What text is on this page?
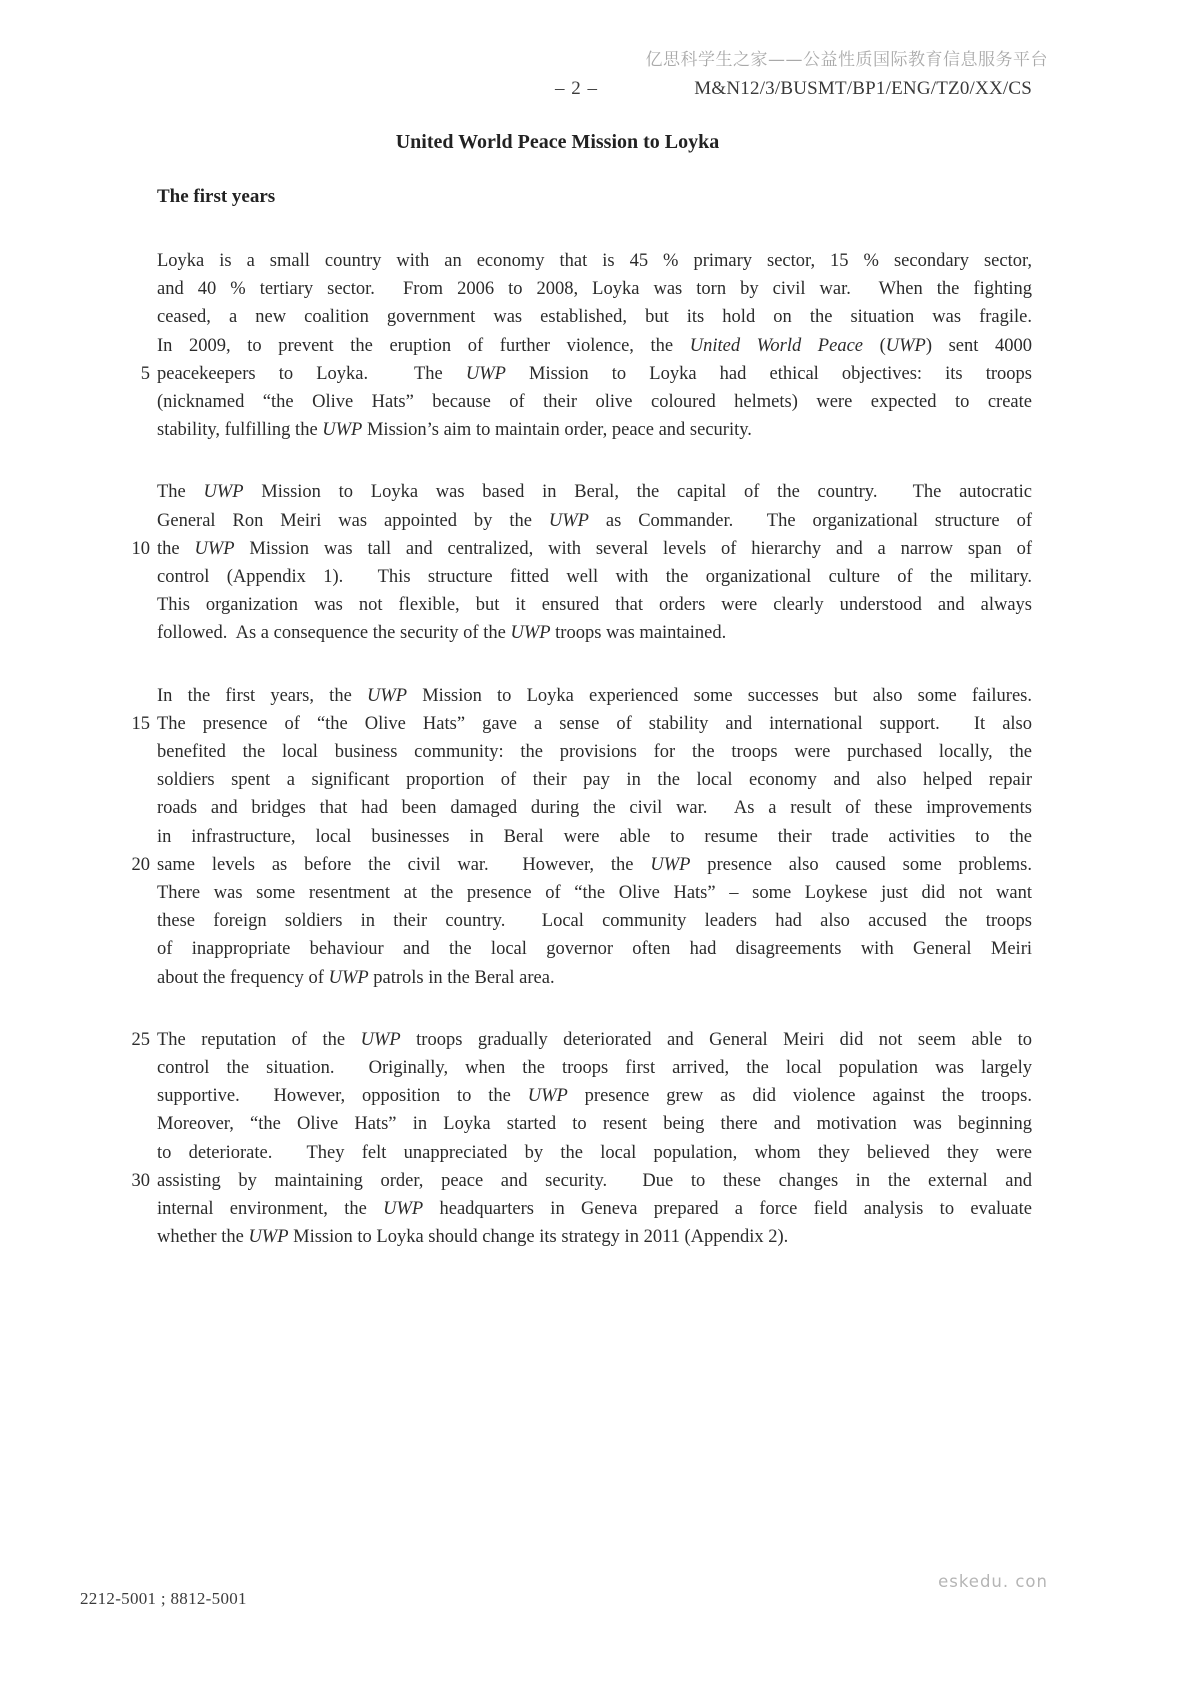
亿思科学生之家——公益性质国际教育信息服务平台
– 2 –	M&N12/3/BUSMT/BP1/ENG/TZ0/XX/CS
United World Peace Mission to Loyka
The first years
Loyka is a small country with an economy that is 45 % primary sector, 15 % secondary sector,
and 40 % tertiary sector.  From 2006 to 2008, Loyka was torn by civil war.  When the fighting
ceased, a new coalition government was established, but its hold on the situation was fragile.
In 2009, to prevent the eruption of further violence, the United World Peace (UWP) sent 4000
5 peacekeepers to Loyka.  The UWP Mission to Loyka had ethical objectives: its troops
(nicknamed “the Olive Hats” because of their olive coloured helmets) were expected to create
stability, fulfilling the UWP Mission’s aim to maintain order, peace and security.
The UWP Mission to Loyka was based in Beral, the capital of the country.  The autocratic
General Ron Meiri was appointed by the UWP as Commander.  The organizational structure of
10 the UWP Mission was tall and centralized, with several levels of hierarchy and a narrow span of
control (Appendix 1).  This structure fitted well with the organizational culture of the military.
This organization was not flexible, but it ensured that orders were clearly understood and always
followed.  As a consequence the security of the UWP troops was maintained.
In the first years, the UWP Mission to Loyka experienced some successes but also some failures.
15 The presence of “the Olive Hats” gave a sense of stability and international support.  It also
benefited the local business community: the provisions for the troops were purchased locally, the
soldiers spent a significant proportion of their pay in the local economy and also helped repair
roads and bridges that had been damaged during the civil war.  As a result of these improvements
in infrastructure, local businesses in Beral were able to resume their trade activities to the
20 same levels as before the civil war.  However, the UWP presence also caused some problems.
There was some resentment at the presence of “the Olive Hats” – some Loykese just did not want
these foreign soldiers in their country.  Local community leaders had also accused the troops
of inappropriate behaviour and the local governor often had disagreements with General Meiri
about the frequency of UWP patrols in the Beral area.
25 The reputation of the UWP troops gradually deteriorated and General Meiri did not seem able to
control the situation.  Originally, when the troops first arrived, the local population was largely
supportive.  However, opposition to the UWP presence grew as did violence against the troops.
Moreover, “the Olive Hats” in Loyka started to resent being there and motivation was beginning
to deteriorate.  They felt unappreciated by the local population, whom they believed they were
30 assisting by maintaining order, peace and security.  Due to these changes in the external and
internal environment, the UWP headquarters in Geneva prepared a force field analysis to evaluate
whether the UWP Mission to Loyka should change its strategy in 2011 (Appendix 2).
2212-5001 ; 8812-5001
eskedu. con
